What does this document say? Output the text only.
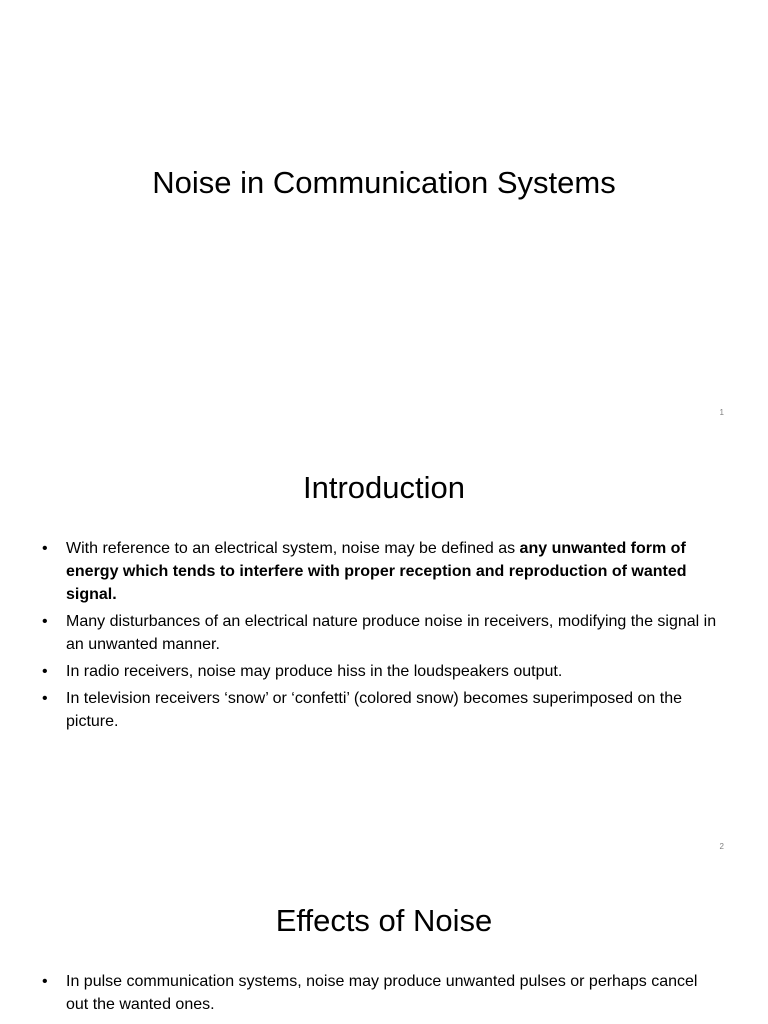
Noise in Communication Systems
1
Introduction
•	With reference to an electrical system, noise may be defined as any unwanted form of energy which tends to interfere with proper reception and reproduction of wanted signal.
•	Many disturbances of an electrical nature produce noise in receivers, modifying the signal in an unwanted manner.
•	In radio receivers, noise may produce hiss in the loudspeakers output.
•	In television receivers ‘snow’ or ‘confetti’ (colored snow) becomes superimposed on the picture.
2
Effects of Noise
•	In pulse communication systems, noise may produce unwanted pulses or perhaps cancel out the wanted ones.
